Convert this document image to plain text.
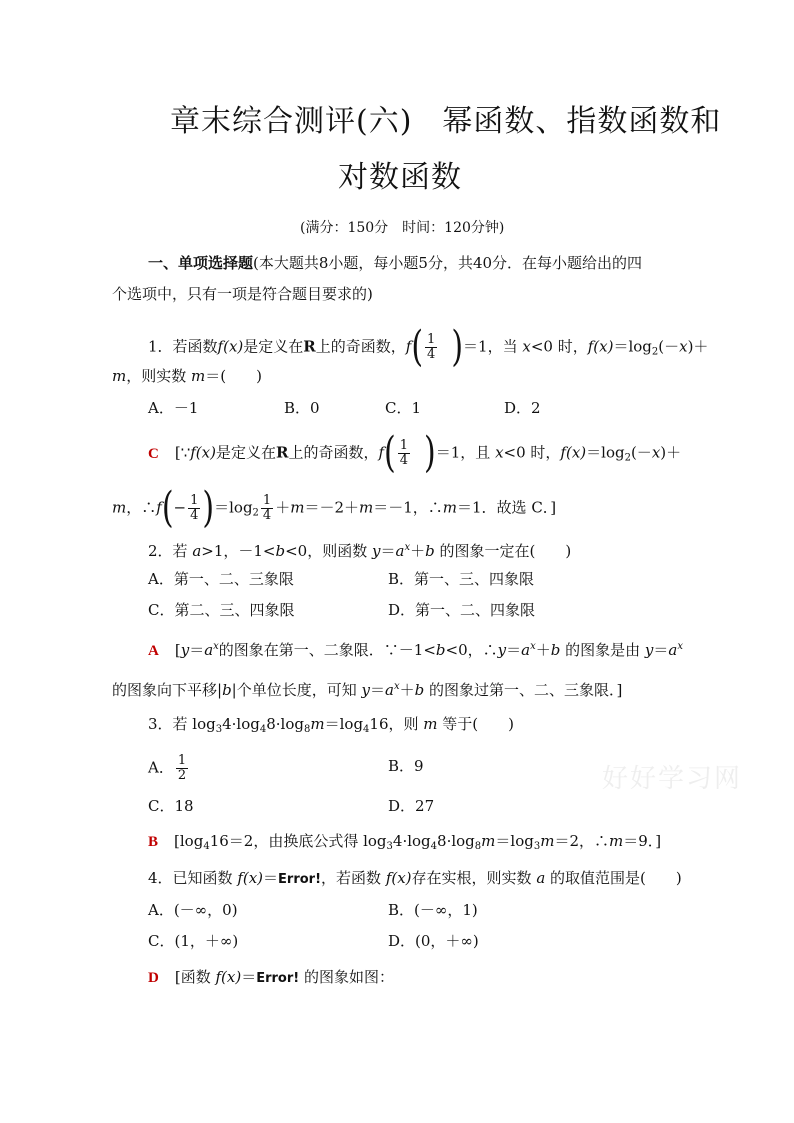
章末综合测评(六) 幂函数、指数函数和
对数函数
(满分：150分　时间：120分钟)
一、单项选择题(本大题共8小题，每小题5分，共40分．在每小题给出的四
个选项中，只有一项是符合题目要求的)
1．若函数f(x)是定义在R上的奇函数，$f( \frac{1}{4} )=1$，当 x<0 时，$f(x)=\log_2(-x)+$
m，则实数 m＝(　　)
A．－1	B．0	C．1	D．2
C [∵f(x)是定义在R上的奇函数，$f( \frac{1}{4} )=1$，且 x<0 时，$f(x)=\log_2(-x)+$
m，∴f(− $\frac{1}{4} )=\log_2 \frac{1}{4} +m=-2+m=-1$，∴m＝1．故选 C．]
2．若 a>1，－1<b<0，则函数 $y=a^x+b$ 的图象一定在(　　)
A．第一、二、三象限	B．第一、三、四象限
C．第二、三、四象限	D．第一、二、四象限
A [$y=a^x$的图象在第一、二象限．∵－1<b<0，$\therefore y=a^x+b$ 的图象是由 $y=a^x$
的图象向下平移|b|个单位长度，可知 $y=a^x+b$ 的图象过第一、二、三象限．]
3．若 $\log_34\cdot\log_48\cdot\log_8m=\log_416$，则 m 等于(　　)
A． $\frac{1}{2}$	B．9
C．18	D．27
B [$\log_416=2$，由换底公式得 $\log_34\cdot\log_48\cdot\log_8m=\log_3m=2$，∴m＝9．]
4．已知函数 f(x)＝Error!，若函数 f(x)存在实根，则实数 a 的取值范围是(　　)
A．(－∞，0)	B．(－∞，1)
C．(1，＋∞)	D．(0，＋∞)
D [函数 f(x)＝Error! 的图象如图：
好好学习网
